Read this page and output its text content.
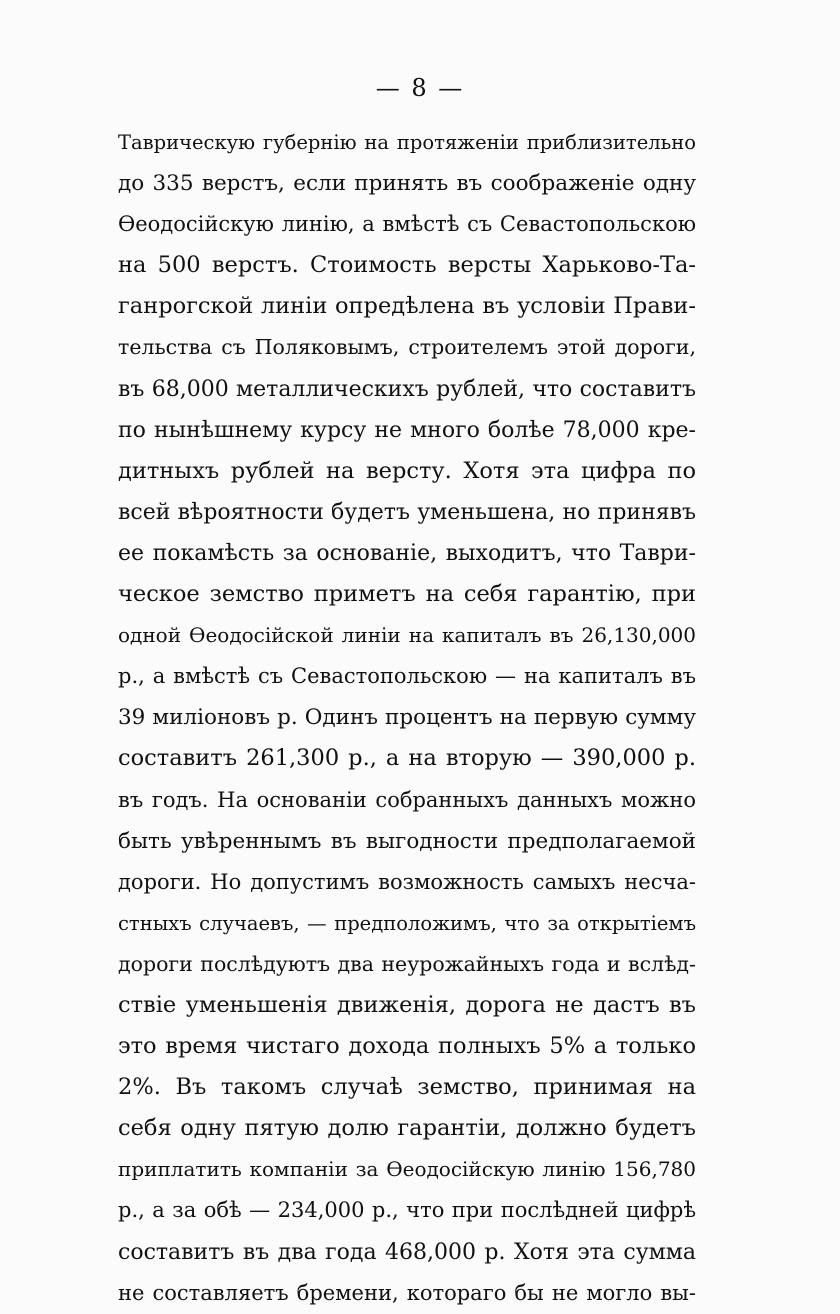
— 8 —
Таврическую губернію на протяженіи приблизительно
до 335 верстъ, если принять въ соображеніе одну
Өеодосійскую линію, а вмѣстѣ съ Севастопольскою
на 500 верстъ. Стоимость версты Харьково-Та-
ганрогской линіи опредѣлена въ условіи Прави-
тельства съ Поляковымъ, строителемъ этой дороги,
въ 68,000 металлическихъ рублей, что составитъ
по нынѣшнему курсу не много болѣе 78,000 кре-
дитныхъ рублей на версту. Хотя эта цифра по
всей вѣроятности будетъ уменьшена, но принявъ
ее покамѣсть за основаніе, выходитъ, что Таври-
ческое земство приметъ на себя гарантію, при
одной Өеодосійской линіи на капиталъ въ 26,130,000
р., а вмѣстѣ съ Севастопольскою — на капиталъ въ
39 миліоновъ р. Одинъ процентъ на первую сумму
составитъ 261,300 р., а на вторую — 390,000 р.
въ годъ. На основаніи собранныхъ данныхъ можно
быть увѣреннымъ въ выгодности предполагаемой
дороги. Но допустимъ возможность самыхъ несча-
стныхъ случаевъ, — предположимъ, что за открытіемъ
дороги послѣдуютъ два неурожайныхъ года и вслѣд-
ствіе уменьшенія движенія, дорога не дастъ въ
это время чистаго дохода полныхъ 5% а только
2%. Въ такомъ случаѣ земство, принимая на
себя одну пятую долю гарантіи, должно будетъ
приплатить компаніи за Өеодосійскую линію 156,780
р., а за обѣ — 234,000 р., что при послѣдней цифрѣ
составитъ въ два года 468,000 р. Хотя эта сумма
не составляетъ бремени, котораго бы не могло вы-
